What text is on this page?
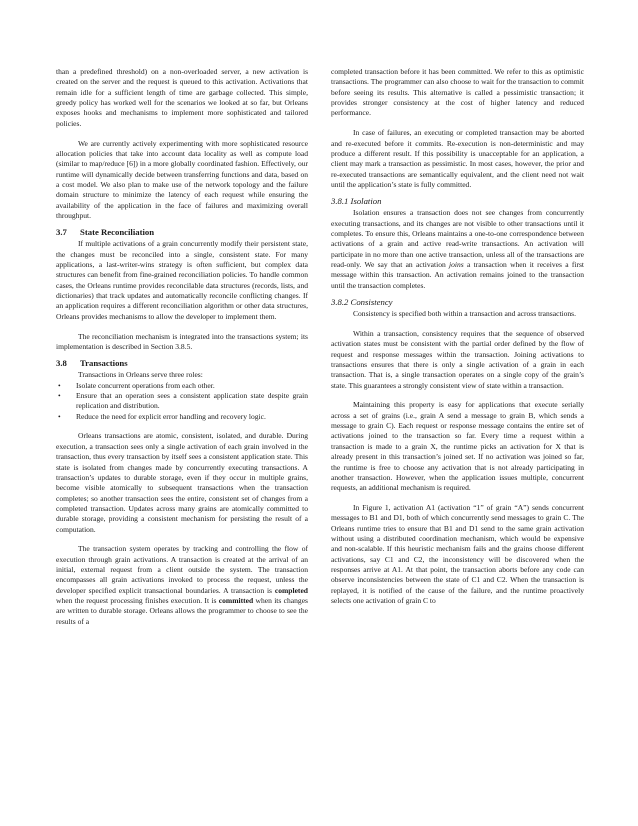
than a predefined threshold) on a non-overloaded server, a new activation is created on the server and the request is queued to this activation. Activations that remain idle for a sufficient length of time are garbage collected. This simple, greedy policy has worked well for the scenarios we looked at so far, but Orleans exposes hooks and mechanisms to implement more sophisticated and tailored policies.

We are currently actively experimenting with more sophisticated resource allocation policies that take into account data locality as well as compute load (similar to map/reduce [6]) in a more globally coordinated fashion. Effectively, our runtime will dynamically decide between transferring functions and data, based on a cost model. We also plan to make use of the network topology and the failure domain structure to minimize the latency of each request while ensuring the availability of the application in the face of failures and maximizing overall throughput.

3.7 State Reconciliation

If multiple activations of a grain concurrently modify their persistent state, the changes must be reconciled into a single, consistent state. For many applications, a last-writer-wins strategy is often sufficient, but complex data structures can benefit from fine-grained reconciliation policies. To handle common cases, the Orleans runtime provides reconcilable data structures (records, lists, and dictionaries) that track updates and automatically reconcile conflicting changes. If an application requires a different reconciliation algorithm or other data structures, Orleans provides mechanisms to allow the developer to implement them.

The reconciliation mechanism is integrated into the transactions system; its implementation is described in Section 3.8.5.

3.8 Transactions

Transactions in Orleans serve three roles:

• Isolate concurrent operations from each other.
• Ensure that an operation sees a consistent application state despite grain replication and distribution.
• Reduce the need for explicit error handling and recovery logic.

Orleans transactions are atomic, consistent, isolated, and durable. During execution, a transaction sees only a single activation of each grain involved in the transaction, thus every transaction by itself sees a consistent application state. This state is isolated from changes made by concurrently executing transactions. A transaction’s updates to durable storage, even if they occur in multiple grains, become visible atomically to subsequent transactions when the transaction completes; so another transaction sees the entire, consistent set of changes from a completed transaction. Updates across many grains are atomically committed to durable storage, providing a consistent mechanism for persisting the result of a computation.

The transaction system operates by tracking and controlling the flow of execution through grain activations. A transaction is created at the arrival of an initial, external request from a client outside the system. The transaction encompasses all grain activations invoked to process the request, unless the developer specified explicit transactional boundaries. A transaction is completed when the request processing finishes execution. It is committed when its changes are written to durable storage. Orleans allows the programmer to choose to see the results of a

completed transaction before it has been committed. We refer to this as optimistic transactions. The programmer can also choose to wait for the transaction to commit before seeing its results. This alternative is called a pessimistic transaction; it provides stronger consistency at the cost of higher latency and reduced performance.

In case of failures, an executing or completed transaction may be aborted and re-executed before it commits. Re-execution is non-deterministic and may produce a different result. If this possibility is unacceptable for an application, a client may mark a transaction as pessimistic. In most cases, however, the prior and re-executed transactions are semantically equivalent, and the client need not wait until the application’s state is fully committed.

3.8.1 Isolation

Isolation ensures a transaction does not see changes from concurrently executing transactions, and its changes are not visible to other transactions until it completes. To ensure this, Orleans maintains a one-to-one correspondence between activations of a grain and active read-write transactions. An activation will participate in no more than one active transaction, unless all of the transactions are read-only. We say that an activation joins a transaction when it receives a first message within this transaction. An activation remains joined to the transaction until the transaction completes.

3.8.2 Consistency

Consistency is specified both within a transaction and across transactions.

Within a transaction, consistency requires that the sequence of observed activation states must be consistent with the partial order defined by the flow of request and response messages within the transaction. Joining activations to transactions ensures that there is only a single activation of a grain in each transaction. That is, a single transaction operates on a single copy of the grain’s state. This guarantees a strongly consistent view of state within a transaction.

Maintaining this property is easy for applications that execute serially across a set of grains (i.e., grain A send a message to grain B, which sends a message to grain C). Each request or response message contains the entire set of activations joined to the transaction so far. Every time a request within a transaction is made to a grain X, the runtime picks an activation for X that is already present in this transaction’s joined set. If no activation was joined so far, the runtime is free to choose any activation that is not already participating in another transaction. However, when the application issues multiple, concurrent requests, an additional mechanism is required.

In Figure 1, activation A1 (activation “1” of grain “A”) sends concurrent messages to B1 and D1, both of which concurrently send messages to grain C. The Orleans runtime tries to ensure that B1 and D1 send to the same grain activation without using a distributed coordination mechanism, which would be expensive and non-scalable. If this heuristic mechanism fails and the grains choose different activations, say C1 and C2, the inconsistency will be discovered when the responses arrive at A1. At that point, the transaction aborts before any code can observe inconsistencies between the state of C1 and C2. When the transaction is replayed, it is notified of the cause of the failure, and the runtime proactively selects one activation of grain C to
